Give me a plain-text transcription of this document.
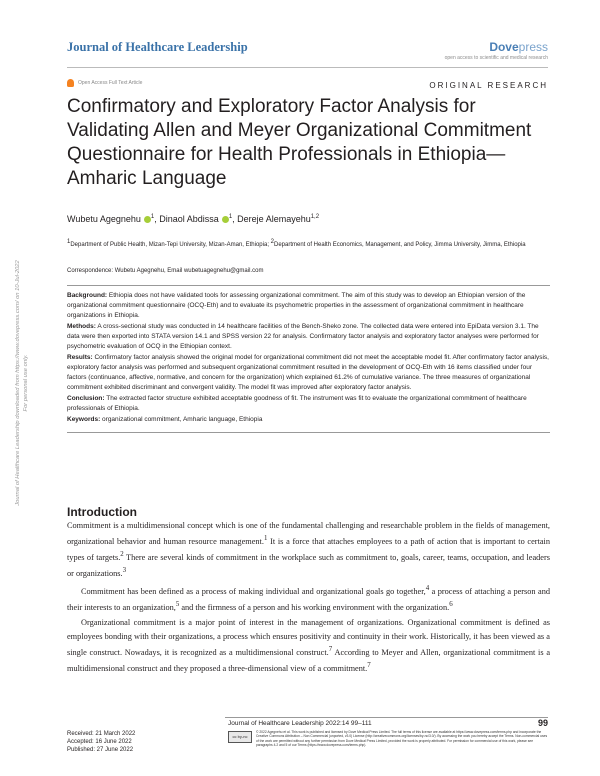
Journal of Healthcare Leadership	Dovepress
open access to scientific and medical research
Open Access Full Text Article	ORIGINAL RESEARCH
Confirmatory and Exploratory Factor Analysis for Validating Allen and Meyer Organizational Commitment Questionnaire for Health Professionals in Ethiopia—Amharic Language
Wubetu Agegnehu 1 , Dinaol Abdissa 1 , Dereje Alemayehu 1,2
1Department of Public Health, Mizan-Tepi University, Mizan-Aman, Ethiopia; 2Department of Health Economics, Management, and Policy, Jimma University, Jimma, Ethiopia
Correspondence: Wubetu Agegnehu, Email wubetuagegnehu@gmail.com

Background: Ethiopia does not have validated tools for assessing organizational commitment. The aim of this study was to develop an Ethiopian version of the organizational commitment questionnaire (OCQ-Eth) and to evaluate its psychometric properties in the assessment of organizational commitment in healthcare organizations in Ethiopia.

Methods: A cross-sectional study was conducted in 14 healthcare facilities of the Bench-Sheko zone. The collected data were entered into EpiData version 3.1. The data were then exported into STATA version 14.1 and SPSS version 22 for analysis. Confirmatory factor analysis and exploratory factor analyses were performed for psychometric evaluation of OCQ in the Ethiopian context.

Results: Confirmatory factor analysis showed the original model for organizational commitment did not meet the acceptable model fit. After confirmatory factor analysis, exploratory factor analysis was performed and subsequent organizational commitment resulted in the development of OCQ-Eth with 16 items classified under four factors (continuance, affective, normative, and concern for the organization) which explained 61.2% of cumulative variance. The three measures of organizational commitment exhibited discriminant and convergent validity. The model fit was improved after exploratory factor analysis.

Conclusion: The extracted factor structure exhibited acceptable goodness of fit. The instrument was fit to evaluate the organizational commitment of healthcare professionals of Ethiopia.

Keywords: organizational commitment, Amharic language, Ethiopia

Introduction

Commitment is a multidimensional concept which is one of the fundamental challenging and researchable problem in the fields of management, organizational behavior and human resource management.$^1$ It is a force that attaches employees to a path of action that is important to certain types of targets.$^2$ There are several kinds of commitment in the workplace such as commitment to, goals, career, teams, occupation, and leaders or organizations.$^3$

Commitment has been defined as a process of making individual and organizational goals go together,$^4$ a process of attaching a person and their interests to an organization,$^5$ and the firmness of a person and his working environment with the organization.$^6$

Organizational commitment is a major point of interest in the management of organizations. Organizational commitment is defined as employees bonding with their organizations, a process which ensures positivity and continuity in their work. Historically, it has been viewed as a single construct. Nowadays, it is recognized as a multidimensional construct.$^7$ According to Meyer and Allen, organizational commitment is a multidimensional construct and they proposed a three-dimensional view of a commitment.$^7$

Journal of Healthcare Leadership downloaded from https://www.dovepress.com/ on 10-Jul-2022 For personal use only.
Received: 21 March 2022
Accepted: 16 June 2022
Published: 27 June 2022
Journal of Healthcare Leadership 2022:14 99–111	99
cc by-nc
© 2022 Agegnehu et al. This work is published and licensed by Dove Medical Press Limited. The full terms of this license are available at https://www.dovepress.com/terms.php and incorporate the Creative Commons Attribution – Non Commercial (unported, v3.0) License (http://creativecommons.org/licenses/by-nc/3.0/). By accessing the work you hereby accept the Terms. Non-commercial uses of the work are permitted without any further permission from Dove Medical Press Limited, provided the work is properly attributed. For permission for commercial use of this work, please see paragraphs 4.2 and 5 of our Terms (https://www.dovepress.com/terms.php).
